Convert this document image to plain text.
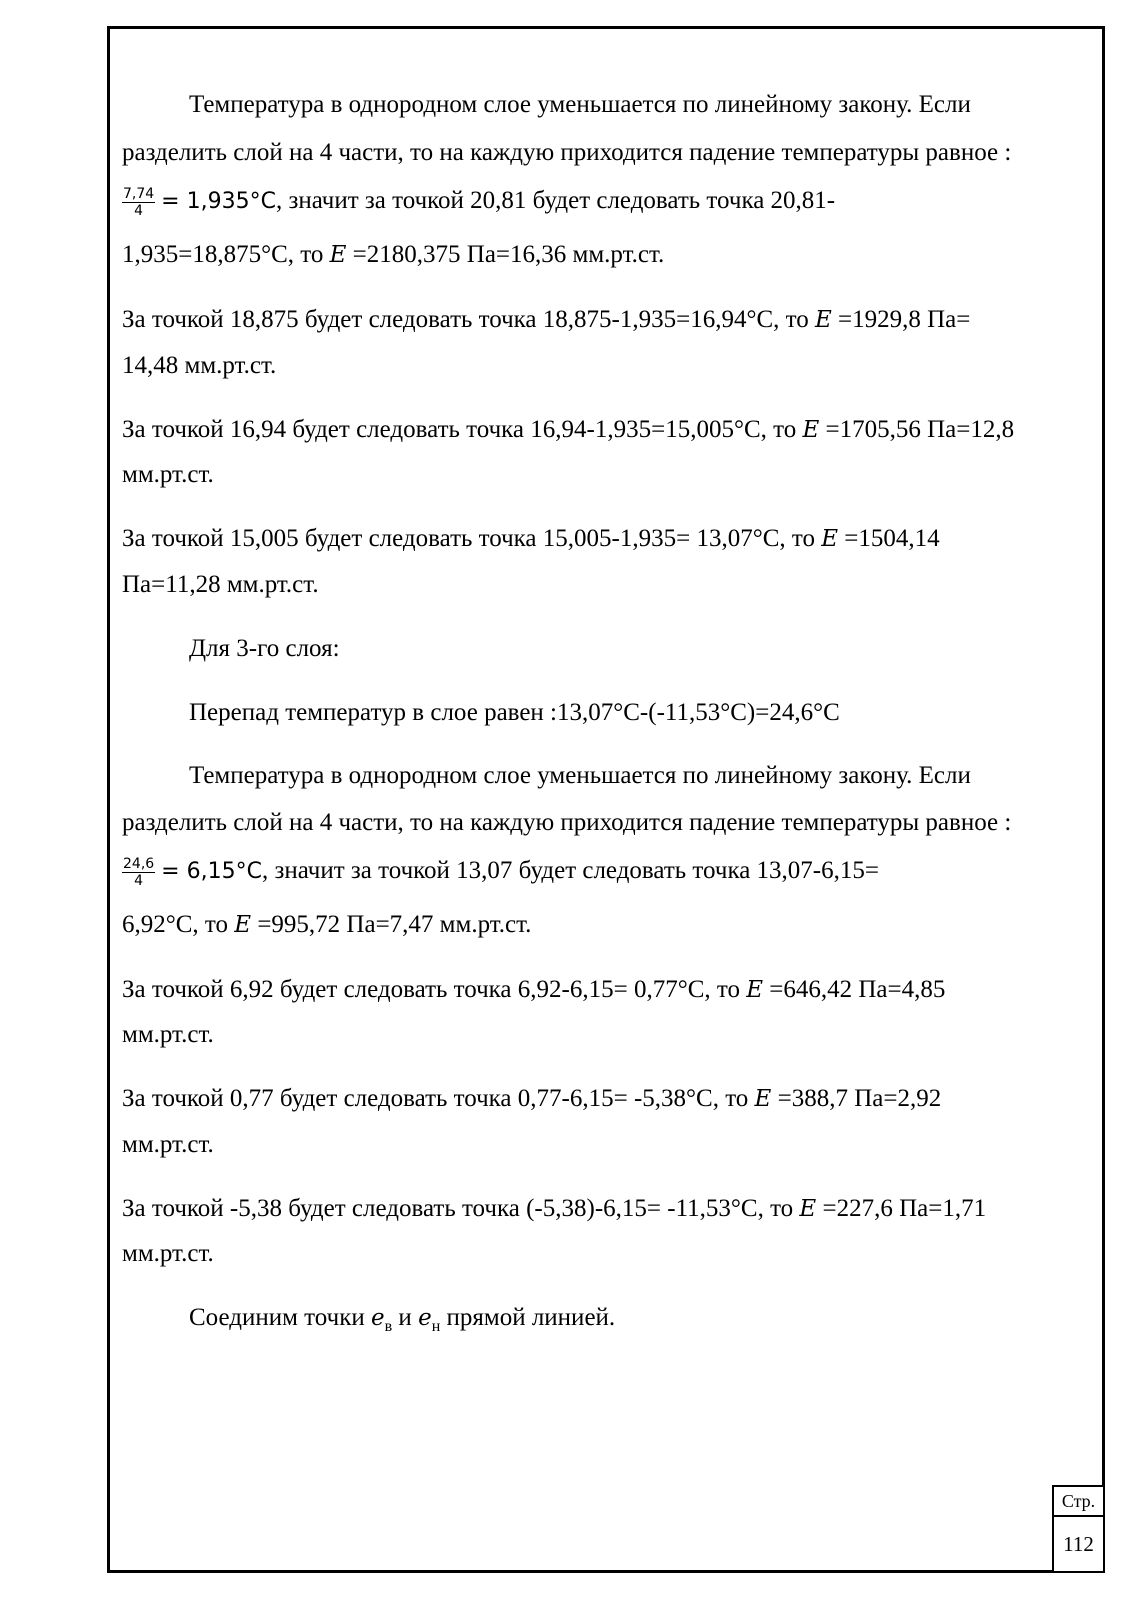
Температура в однородном слое уменьшается по линейному закону. Если
разделить слой на 4 части, то на каждую приходится падение температуры равное :
$\frac{7,74}{4} = 1,935^\circ C$, значит за точкой 20,81 будет следовать точка 20,81-
1,935=18,875°C, то E =2180,375 Па=16,36 мм.рт.ст.
За точкой 18,875 будет следовать точка 18,875-1,935=16,94°C, то E =1929,8 Па=
14,48 мм.рт.ст.
За точкой 16,94 будет следовать точка 16,94-1,935=15,005°C, то E =1705,56 Па=12,8
мм.рт.ст.
За точкой 15,005 будет следовать точка 15,005-1,935= 13,07°C, то E =1504,14
Па=11,28 мм.рт.ст.
Для 3-го слоя:
Перепад температур в слое равен :13,07°C-(-11,53°C)=24,6°C
Температура в однородном слое уменьшается по линейному закону. Если
разделить слой на 4 части, то на каждую приходится падение температуры равное :
$\frac{24,6}{4} = 6,15^\circ C$, значит за точкой 13,07 будет следовать точка 13,07-6,15=
6,92°C, то E =995,72 Па=7,47 мм.рт.ст.
За точкой 6,92 будет следовать точка 6,92-6,15= 0,77°C, то E =646,42 Па=4,85
мм.рт.ст.
За точкой 0,77 будет следовать точка 0,77-6,15= -5,38°C, то E =388,7 Па=2,92
мм.рт.ст.
За точкой -5,38 будет следовать точка (-5,38)-6,15= -11,53°C, то E =227,6 Па=1,71
мм.рт.ст.
Соединим точки $e_в$ и $e_н$ прямой линией.
Стр.
112
